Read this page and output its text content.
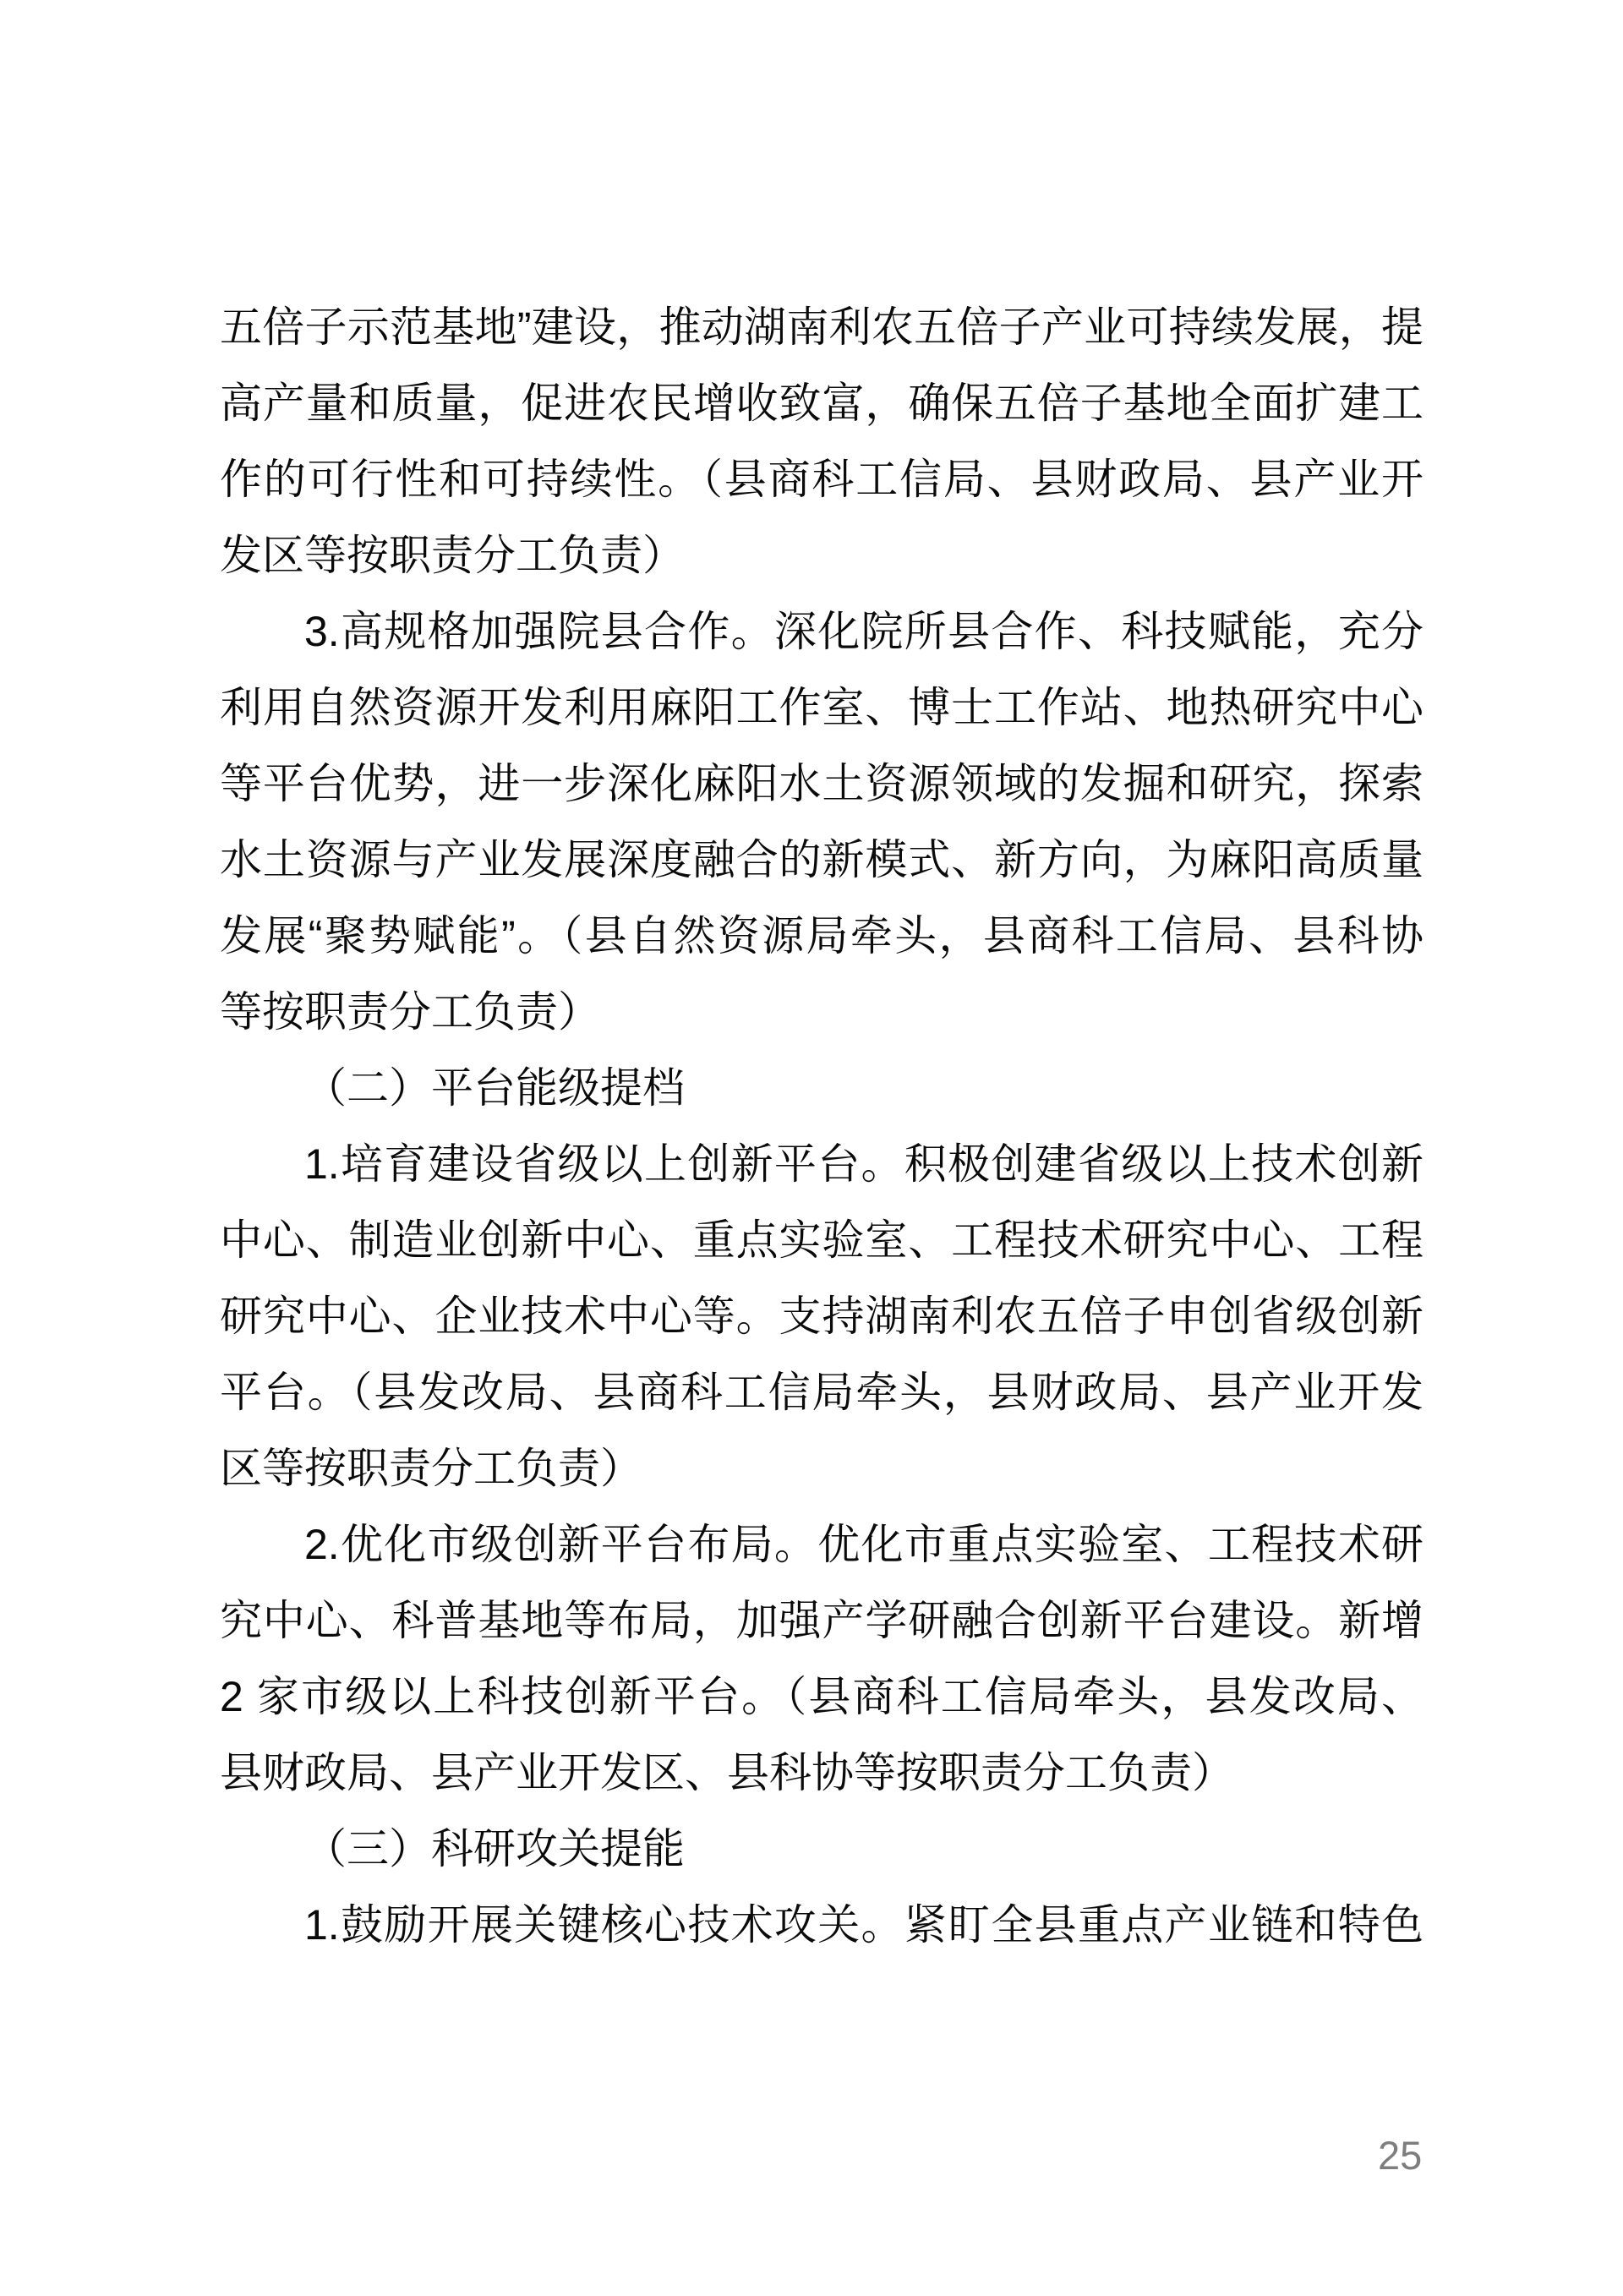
五倍子示范基地”建设，推动湖南利农五倍子产业可持续发展，提
高产量和质量，促进农民增收致富，确保五倍子基地全面扩建工
作的可行性和可持续性。（县商科工信局、县财政局、县产业开
发区等按职责分工负责）
3.高规格加强院县合作。深化院所县合作、科技赋能，充分
利用自然资源开发利用麻阳工作室、博士工作站、地热研究中心
等平台优势，进一步深化麻阳水土资源领域的发掘和研究，探索
水土资源与产业发展深度融合的新模式、新方向，为麻阳高质量
发展“聚势赋能”。（县自然资源局牵头，县商科工信局、县科协
等按职责分工负责）
（二）平台能级提档
1.培育建设省级以上创新平台。积极创建省级以上技术创新
中心、制造业创新中心、重点实验室、工程技术研究中心、工程
研究中心、企业技术中心等。支持湖南利农五倍子申创省级创新
平台。（县发改局、县商科工信局牵头，县财政局、县产业开发
区等按职责分工负责）
2.优化市级创新平台布局。优化市重点实验室、工程技术研
究中心、科普基地等布局，加强产学研融合创新平台建设。新增
2 家市级以上科技创新平台。（县商科工信局牵头，县发改局、
县财政局、县产业开发区、县科协等按职责分工负责）
（三）科研攻关提能
1.鼓励开展关键核心技术攻关。紧盯全县重点产业链和特色
25
